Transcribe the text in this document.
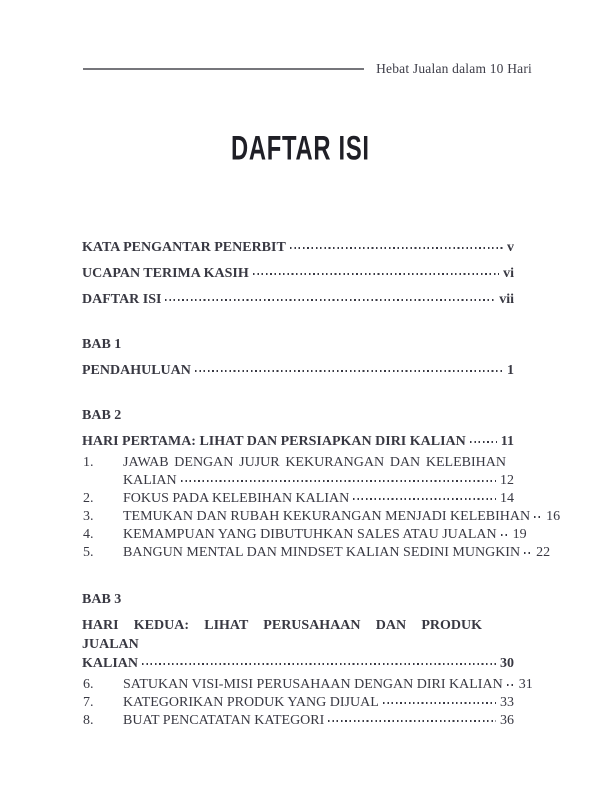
Hebat Jualan dalam 10 Hari
DAFTAR ISI
KATA PENGANTAR PENERBIT	v
UCAPAN TERIMA KASIH	vi
DAFTAR ISI	vii
BAB 1
PENDAHULUAN	1
BAB 2
HARI PERTAMA: LIHAT DAN PERSIAPKAN DIRI KALIAN	11
1.	JAWAB DENGAN JUJUR KEKURANGAN DAN KELEBIHAN
KALIAN	12
2.	FOKUS PADA KELEBIHAN KALIAN	14
3.	TEMUKAN DAN RUBAH KEKURANGAN MENJADI KELEBIHAN 16
4.	KEMAMPUAN YANG DIBUTUHKAN SALES ATAU JUALAN 19
5.	BANGUN MENTAL DAN MINDSET KALIAN SEDINI MUNGKIN 22
BAB 3
HARI KEDUA: LIHAT PERUSAHAAN DAN PRODUK JUALAN
KALIAN	30
6.	SATUKAN VISI-MISI PERUSAHAAN DENGAN DIRI KALIAN 31
7.	KATEGORIKAN PRODUK YANG DIJUAL	33
8.	BUAT PENCATATAN KATEGORI	36
